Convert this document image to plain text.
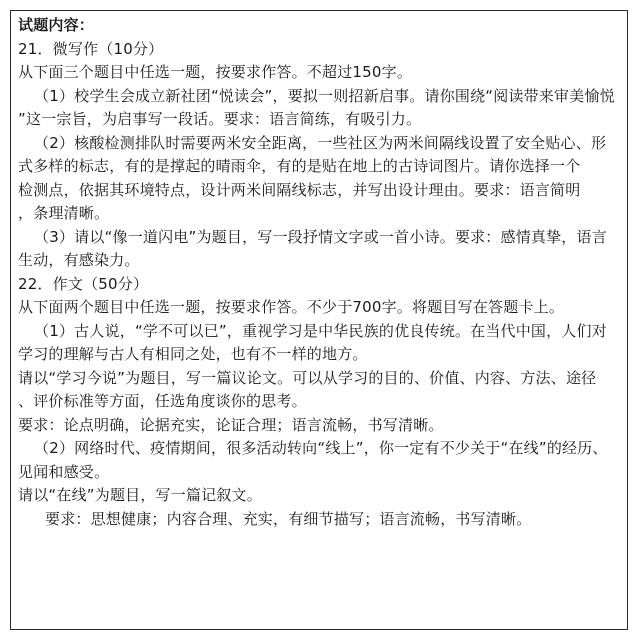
试题内容：
21．微写作（10分）
从下面三个题目中任选一题，按要求作答。不超过150字。
（1）校学生会成立新社团“悦读会”，要拟一则招新启事。请你围绕“阅读带来审美愉悦
”这一宗旨，为启事写一段话。要求：语言简练，有吸引力。
（2）核酸检测排队时需要两米安全距离，一些社区为两米间隔线设置了安全贴心、形
式多样的标志，有的是撑起的晴雨伞，有的是贴在地上的古诗词图片。请你选择一个
检测点，依据其环境特点，设计两米间隔线标志，并写出设计理由。要求：语言简明
，条理清晰。
（3）请以“像一道闪电”为题目，写一段抒情文字或一首小诗。要求：感情真挚，语言
生动，有感染力。
22．作文（50分）
从下面两个题目中任选一题，按要求作答。不少于700字。将题目写在答题卡上。
（1）古人说，“学不可以已”，重视学习是中华民族的优良传统。在当代中国，人们对
学习的理解与古人有相同之处，也有不一样的地方。
请以“学习今说”为题目，写一篇议论文。可以从学习的目的、价值、内容、方法、途径
、评价标准等方面，任选角度谈你的思考。
要求：论点明确，论据充实，论证合理；语言流畅，书写清晰。
（2）网络时代、疫情期间，很多活动转向“线上”，你一定有不少关于“在线”的经历、
见闻和感受。
请以“在线”为题目，写一篇记叙文。
要求：思想健康；内容合理、充实，有细节描写；语言流畅，书写清晰。
